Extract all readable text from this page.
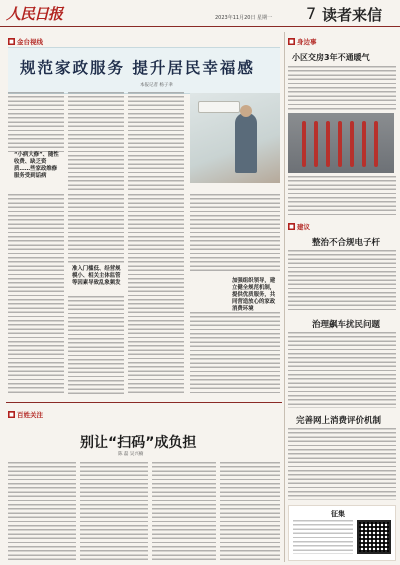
人民日报	2023年11月20日 星期一 7 读者来信
■ 金台视线
规范家政服务 提升居民幸福感
本报记者 杨子聿
“小病大修”、随性收费、缺乏资质……些家政维修服务受到诟病
准入门槛低、经营规模小、相关主体监管等因素导致乱象频发	加强组织领导，建立健全规范机制，提供优质服务，共同营造放心的家政消费环境
■ 身边事
小区交房3年不通暖气
■ 建议
整治不合规电子杆
治理飙车扰民问题
完善网上消费评价机制
征集
■ 百姓关注
别让“扫码”成负担
陈 磊 吴兴楠
